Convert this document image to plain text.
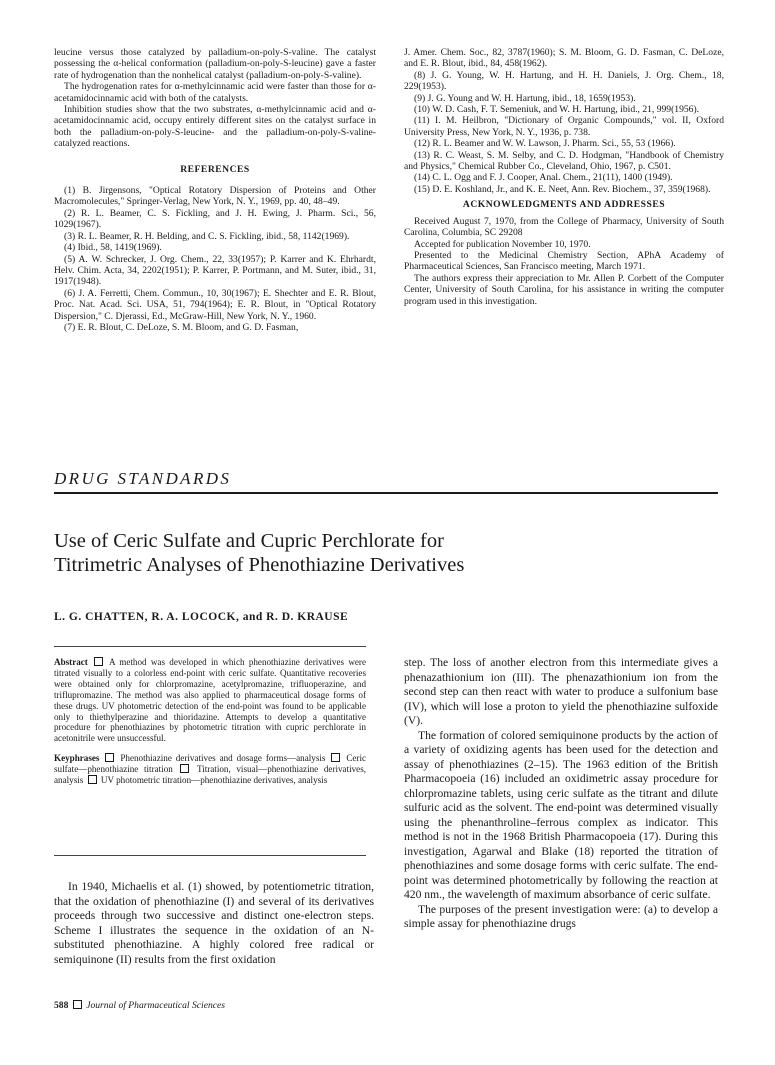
leucine versus those catalyzed by palladium-on-poly-S-valine. The catalyst possessing the α-helical conformation (palladium-on-poly-S-leucine) gave a faster rate of hydrogenation than the nonhelical catalyst (palladium-on-poly-S-valine).

The hydrogenation rates for α-methylcinnamic acid were faster than those for α-acetamidocinnamic acid with both of the catalysts.

Inhibition studies show that the two substrates, α-methylcinnamic acid and α-acetamidocinnamic acid, occupy entirely different sites on the catalyst surface in both the palladium-on-poly-S-leucine- and the palladium-on-poly-S-valine-catalyzed reactions.

REFERENCES

(1) B. Jirgensons, "Optical Rotatory Dispersion of Proteins and Other Macromolecules," Springer-Verlag, New York, N. Y., 1969, pp. 40, 48–49.

(2) R. L. Beamer, C. S. Fickling, and J. H. Ewing, J. Pharm. Sci., 56, 1029(1967).

(3) R. L. Beamer, R. H. Belding, and C. S. Fickling, ibid., 58, 1142(1969).

(4) Ibid., 58, 1419(1969).

(5) A. W. Schrecker, J. Org. Chem., 22, 33(1957); P. Karrer and K. Ehrhardt, Helv. Chim. Acta, 34, 2202(1951); P. Karrer, P. Portmann, and M. Suter, ibid., 31, 1917(1948).

(6) J. A. Ferretti, Chem. Commun., 10, 30(1967); E. Shechter and E. R. Blout, Proc. Nat. Acad. Sci. USA, 51, 794(1964); E. R. Blout, in "Optical Rotatory Dispersion," C. Djerassi, Ed., McGraw-Hill, New York, N. Y., 1960.

(7) E. R. Blout, C. DeLoze, S. M. Bloom, and G. D. Fasman,

J. Amer. Chem. Soc., 82, 3787(1960); S. M. Bloom, G. D. Fasman, C. DeLoze, and E. R. Blout, ibid., 84, 458(1962).

(8) J. G. Young, W. H. Hartung, and H. H. Daniels, J. Org. Chem., 18, 229(1953).

(9) J. G. Young and W. H. Hartung, ibid., 18, 1659(1953).

(10) W. D. Cash, F. T. Semeniuk, and W. H. Hartung, ibid., 21, 999(1956).

(11) I. M. Heilbron, "Dictionary of Organic Compounds," vol. II, Oxford University Press, New York, N. Y., 1936, p. 738.

(12) R. L. Beamer and W. W. Lawson, J. Pharm. Sci., 55, 53 (1966).

(13) R. C. Weast, S. M. Selby, and C. D. Hodgman, "Handbook of Chemistry and Physics," Chemical Rubber Co., Cleveland, Ohio, 1967, p. C501.

(14) C. L. Ogg and F. J. Cooper, Anal. Chem., 21(11), 1400 (1949).

(15) D. E. Koshland, Jr., and K. E. Neet, Ann. Rev. Biochem., 37, 359(1968).

ACKNOWLEDGMENTS AND ADDRESSES

Received August 7, 1970, from the College of Pharmacy, University of South Carolina, Columbia, SC 29208

Accepted for publication November 10, 1970.

Presented to the Medicinal Chemistry Section, APhA Academy of Pharmaceutical Sciences, San Francisco meeting, March 1971.

The authors express their appreciation to Mr. Allen P. Corbett of the Computer Center, University of South Carolina, for his assistance in writing the computer program used in this investigation.

DRUG STANDARDS
Use of Ceric Sulfate and Cupric Perchlorate for
Titrimetric Analyses of Phenothiazine Derivatives
L. G. CHATTEN, R. A. LOCOCK, and R. D. KRAUSE

Abstract A method was developed in which phenothiazine derivatives were titrated visually to a colorless end-point with ceric sulfate. Quantitative recoveries were obtained only for chlorpromazine, acetylpromazine, trifluoperazine, and triflupromazine. The method was also applied to pharmaceutical dosage forms of these drugs. UV photometric detection of the end-point was found to be applicable only to thiethylperazine and thioridazine. Attempts to develop a quantitative procedure for phenothiazines by photometric titration with cupric perchlorate in acetonitrile were unsuccessful.

Keyphrases Phenothiazine derivatives and dosage forms—analysis Ceric sulfate—phenothiazine titration	Titration, visual—phenothiazine derivatives, analysis UV photometric titration—phenothiazine derivatives, analysis

In 1940, Michaelis et al. (1) showed, by potentiometric titration, that the oxidation of phenothiazine (I) and several of its derivatives proceeds through two successive and distinct one-electron steps. Scheme I illustrates the sequence in the oxidation of an N-substituted phenothiazine. A highly colored free radical or semiquinone (II) results from the first oxidation

step. The loss of another electron from this intermediate gives a phenazathionium ion (III). The phenazathionium ion from the second step can then react with water to produce a sulfonium base (IV), which will lose a proton to yield the phenothiazine sulfoxide (V).

The formation of colored semiquinone products by the action of a variety of oxidizing agents has been used for the detection and assay of phenothiazines (2–15). The 1963 edition of the British Pharmacopoeia (16) included an oxidimetric assay procedure for chlorpromazine tablets, using ceric sulfate as the titrant and dilute sulfuric acid as the solvent. The end-point was determined visually using the phenanthroline–ferrous complex as indicator. This method is not in the 1968 British Pharmacopoeia (17). During this investigation, Agarwal and Blake (18) reported the titration of phenothiazines and some dosage forms with ceric sulfate. The end-point was determined photometrically by following the reaction at 420 nm., the wavelength of maximum absorbance of ceric sulfate.

The purposes of the present investigation were: (a) to develop a simple assay for phenothiazine drugs

588 Journal of Pharmaceutical Sciences
